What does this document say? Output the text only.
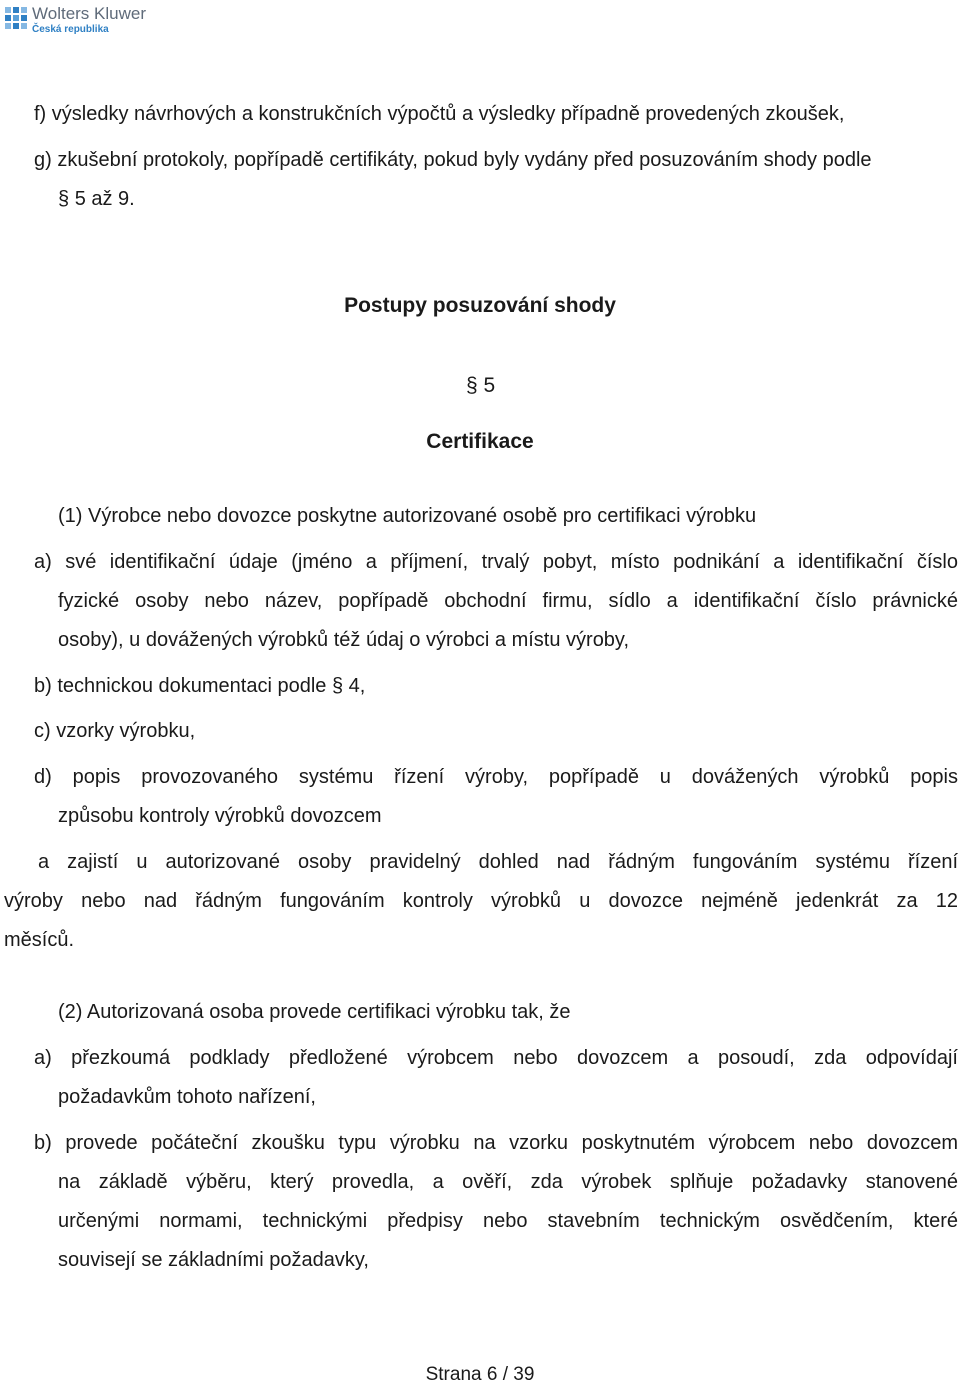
Wolters Kluwer
Česká republika
f) výsledky návrhových a konstrukčních výpočtů a výsledky případně provedených zkoušek,
g) zkušební protokoly, popřípadě certifikáty, pokud byly vydány před posuzováním shody podle
§ 5 až 9.
Postupy posuzování shody
§ 5
Certifikace
(1) Výrobce nebo dovozce poskytne autorizované osobě pro certifikaci výrobku
a) své identifikační údaje (jméno a příjmení, trvalý pobyt, místo podnikání a identifikační číslo
fyzické osoby nebo název, popřípadě obchodní firmu, sídlo a identifikační číslo právnické
osoby), u dovážených výrobků též údaj o výrobci a místu výroby,
b) technickou dokumentaci podle § 4,
c) vzorky výrobku,
d) popis provozovaného systému řízení výroby, popřípadě u dovážených výrobků popis
způsobu kontroly výrobků dovozcem
a zajistí u autorizované osoby pravidelný dohled nad řádným fungováním systému řízení
výroby nebo nad řádným fungováním kontroly výrobků u dovozce nejméně jedenkrát za 12
měsíců.
(2) Autorizovaná osoba provede certifikaci výrobku tak, že
a) přezkoumá podklady předložené výrobcem nebo dovozcem a posoudí, zda odpovídají
požadavkům tohoto nařízení,
b) provede počáteční zkoušku typu výrobku na vzorku poskytnutém výrobcem nebo dovozcem
na základě výběru, který provedla, a ověří, zda výrobek splňuje požadavky stanovené
určenými normami, technickými předpisy nebo stavebním technickým osvědčením, které
souvisejí se základními požadavky,
Strana 6 / 39
